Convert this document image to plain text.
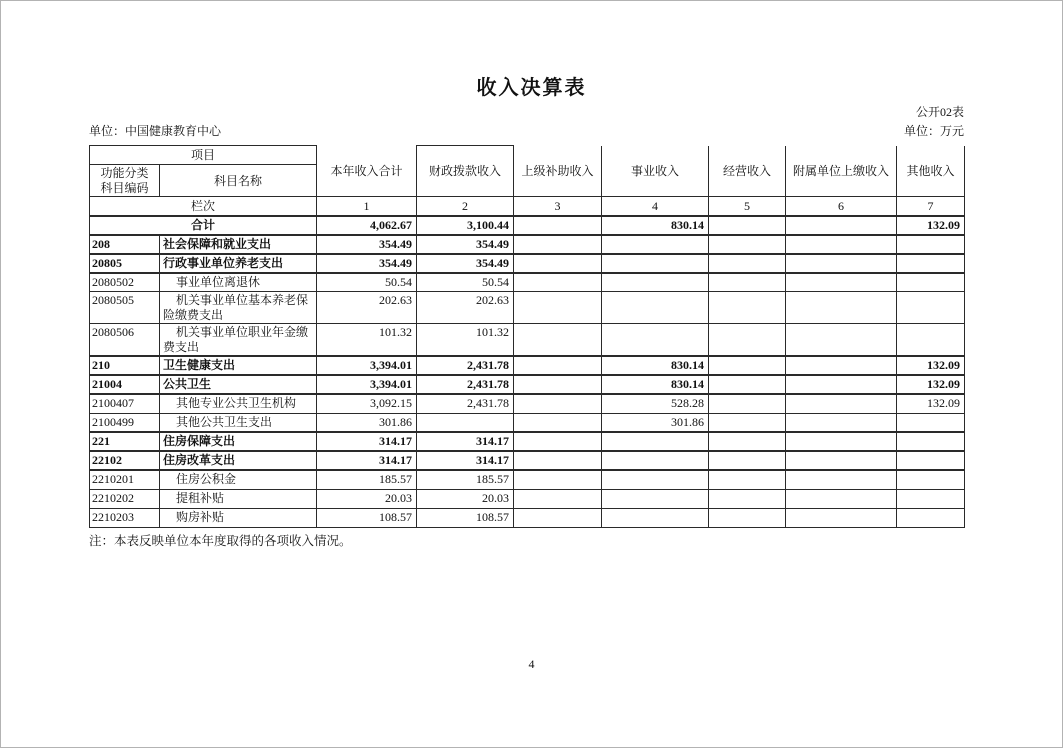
收入决算表
公开02表
单位：中国健康教育中心	单位：万元
项目		本年收入合计	财政拨款收入	上级补助收入	事业收入	经营收入	附属单位上缴收入	其他收入

功能分类
科目编码	科目名称							
栏次		1	2	3	4	5	6	7
合计		4,062.67	3,100.44		830.14			132.09
208	社会保障和就业支出	354.49	354.49					
20805	行政事业单位养老支出	354.49	354.49					
2080502	事业单位离退休	50.54	50.54					
2080505	机关事业单位基本养老保险缴费支出	202.63	202.63					
2080506	机关事业单位职业年金缴费支出	101.32	101.32					
210	卫生健康支出	3,394.01	2,431.78		830.14			132.09
21004	公共卫生	3,394.01	2,431.78		830.14			132.09
2100407	其他专业公共卫生机构	3,092.15	2,431.78		528.28			132.09
2100499	其他公共卫生支出	301.86			301.86			
221	住房保障支出	314.17	314.17					
22102	住房改革支出	314.17	314.17					
2210201	住房公积金	185.57	185.57					
2210202	提租补贴	20.03	20.03					
2210203	购房补贴	108.57	108.57					
注：本表反映单位本年度取得的各项收入情况。
4
